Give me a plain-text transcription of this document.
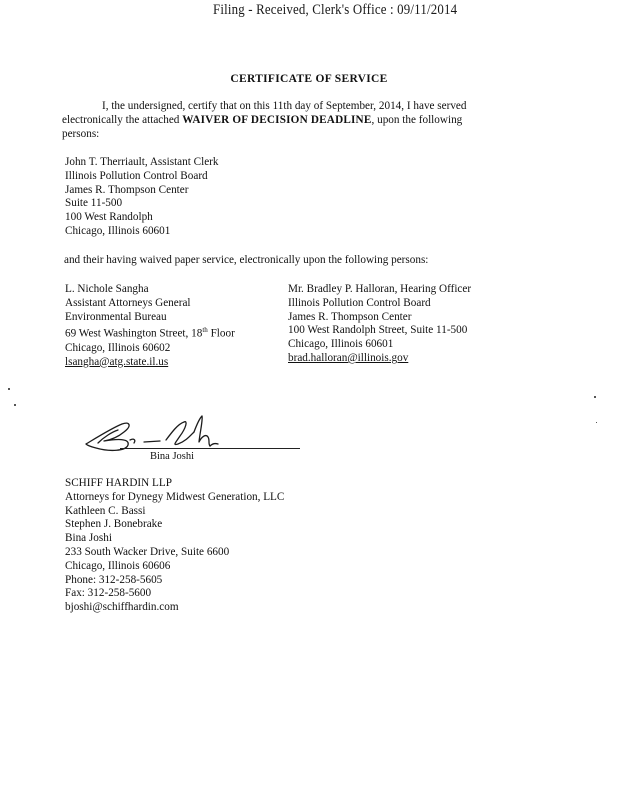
Filing - Received, Clerk's Office : 09/11/2014
CERTIFICATE OF SERVICE
I, the undersigned, certify that on this 11th day of September, 2014, I have served electronically the attached WAIVER OF DECISION DEADLINE, upon the following persons:
John T. Therriault, Assistant Clerk
Illinois Pollution Control Board
James R. Thompson Center
Suite 11-500
100 West Randolph
Chicago, Illinois 60601
and their having waived paper service, electronically upon the following persons:
L. Nichole Sangha
Assistant Attorneys General
Environmental Bureau
69 West Washington Street, 18th Floor
Chicago, Illinois 60602
lsangha@atg.state.il.us
Mr. Bradley P. Halloran, Hearing Officer
Illinois Pollution Control Board
James R. Thompson Center
100 West Randolph Street, Suite 11-500
Chicago, Illinois 60601
brad.halloran@illinois.gov
Bina Joshi
SCHIFF HARDIN LLP
Attorneys for Dynegy Midwest Generation, LLC
Kathleen C. Bassi
Stephen J. Bonebrake
Bina Joshi
233 South Wacker Drive, Suite 6600
Chicago, Illinois 60606
Phone: 312-258-5605
Fax: 312-258-5600
bjoshi@schiffhardin.com
